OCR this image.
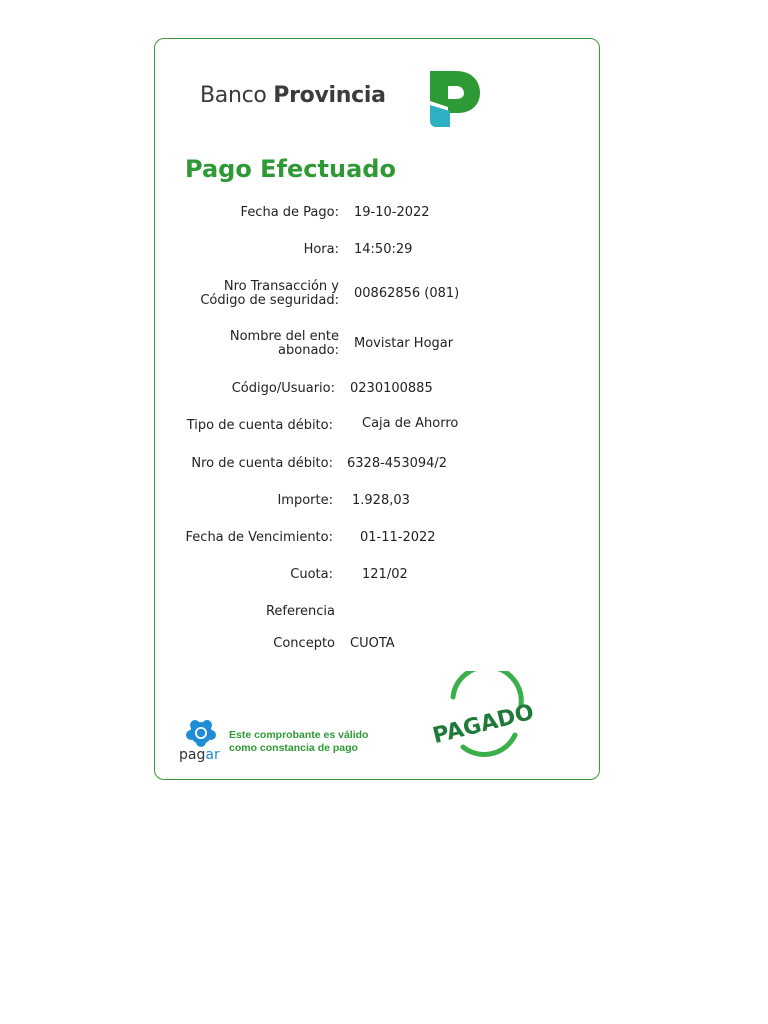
Banco Provincia
Pago Efectuado
Fecha de Pago: 19-10-2022
Hora: 14:50:29
Nro Transacción y
Código de seguridad: 00862856 (081)
Nombre del ente
abonado: Movistar Hogar
Código/Usuario: 0230100885
Tipo de cuenta débito: Caja de Ahorro
Nro de cuenta débito: 6328-453094/2
Importe: 1.928,03
Fecha de Vencimiento: 01-11-2022
Cuota: 121/02
Referencia
Concepto CUOTA
pagar
Este comprobante es válido
como constancia de pago	PAGADO
